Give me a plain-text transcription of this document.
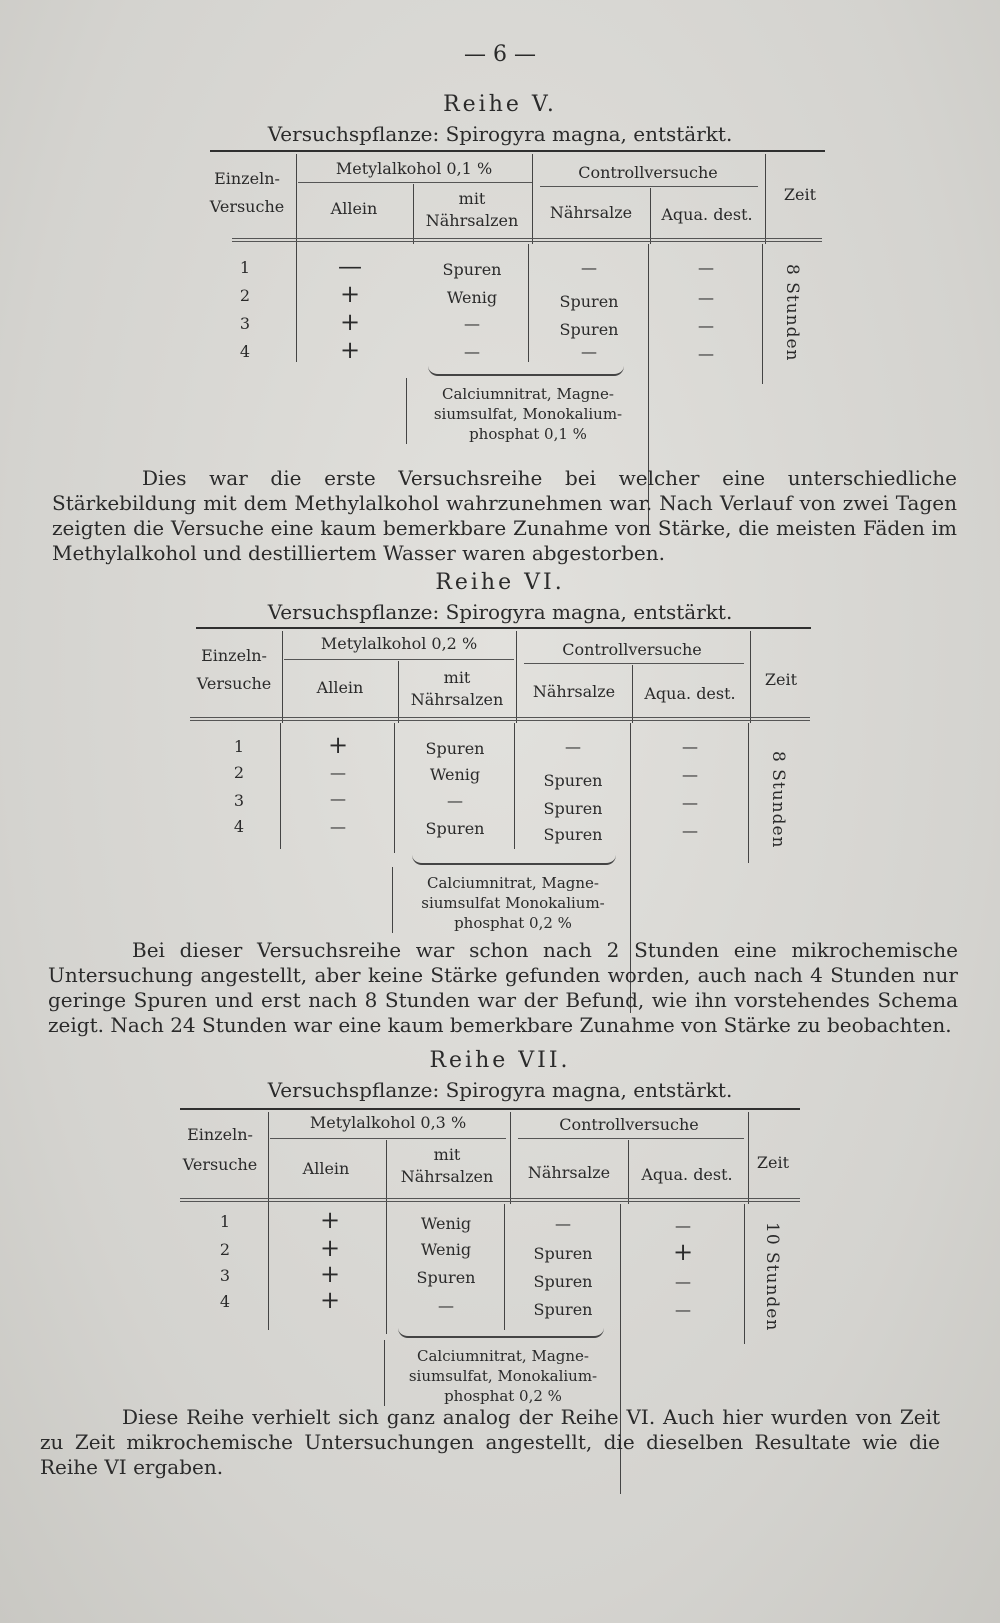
— 6 —
Reihe V.
Versuchspflanze: Spirogyra magna, entstärkt.
Einzeln-
Versuche
Metylalkohol 0,1 %
Allein
mit
Nährsalzen
Controllversuche
Nährsalze	Aqua. dest.
Zeit
1	—	Spuren	—	—
2	+	Wenig	Spuren	—
3	+	—	Spuren	—
4	+	—	—	—	8 Stunden
Calciumnitrat, Magne-
siumsulfat, Monokalium-
phosphat 0,1 %
Dies war die erste Versuchsreihe bei welcher eine unterschiedliche Stärkebildung mit dem Methylalkohol wahrzunehmen war. Nach Verlauf von zwei Tagen zeigten die Versuche eine kaum bemerkbare Zunahme von Stärke, die meisten Fäden im Methylalkohol und destilliertem Wasser waren abgestorben.
Reihe VI.
Versuchspflanze: Spirogyra magna, entstärkt.
Einzeln-
Versuche
Metylalkohol 0,2 %
Allein
mit
Nährsalzen
Controllversuche
Nährsalze	Aqua. dest.
Zeit
1	+	Spuren	—	—
2	—	Wenig	Spuren	—
3	—	—	Spuren	—
4	—	Spuren	Spuren	—	8 Stunden
Calciumnitrat, Magne-
siumsulfat Monokalium-
phosphat 0,2 %
Bei dieser Versuchsreihe war schon nach 2 Stunden eine mikrochemische Untersuchung angestellt, aber keine Stärke gefunden worden, auch nach 4 Stunden nur geringe Spuren und erst nach 8 Stunden war der Befund, wie ihn vorstehendes Schema zeigt. Nach 24 Stunden war eine kaum bemerkbare Zunahme von Stärke zu beobachten.
Reihe VII.
Versuchspflanze: Spirogyra magna, entstärkt.
Einzeln-
Versuche
Metylalkohol 0,3 %
Allein
mit
Nährsalzen
Controllversuche
Nährsalze	Aqua. dest.
Zeit
1	+	Wenig	—	—
2	+	Wenig	Spuren	+
3	+	Spuren	Spuren	—
4	+	—	Spuren	—	10 Stunden
Calciumnitrat, Magne-
siumsulfat, Monokalium-
phosphat 0,2 %
Diese Reihe verhielt sich ganz analog der Reihe VI. Auch hier wurden von Zeit zu Zeit mikrochemische Untersuchungen angestellt, die dieselben Resultate wie die Reihe VI ergaben.
